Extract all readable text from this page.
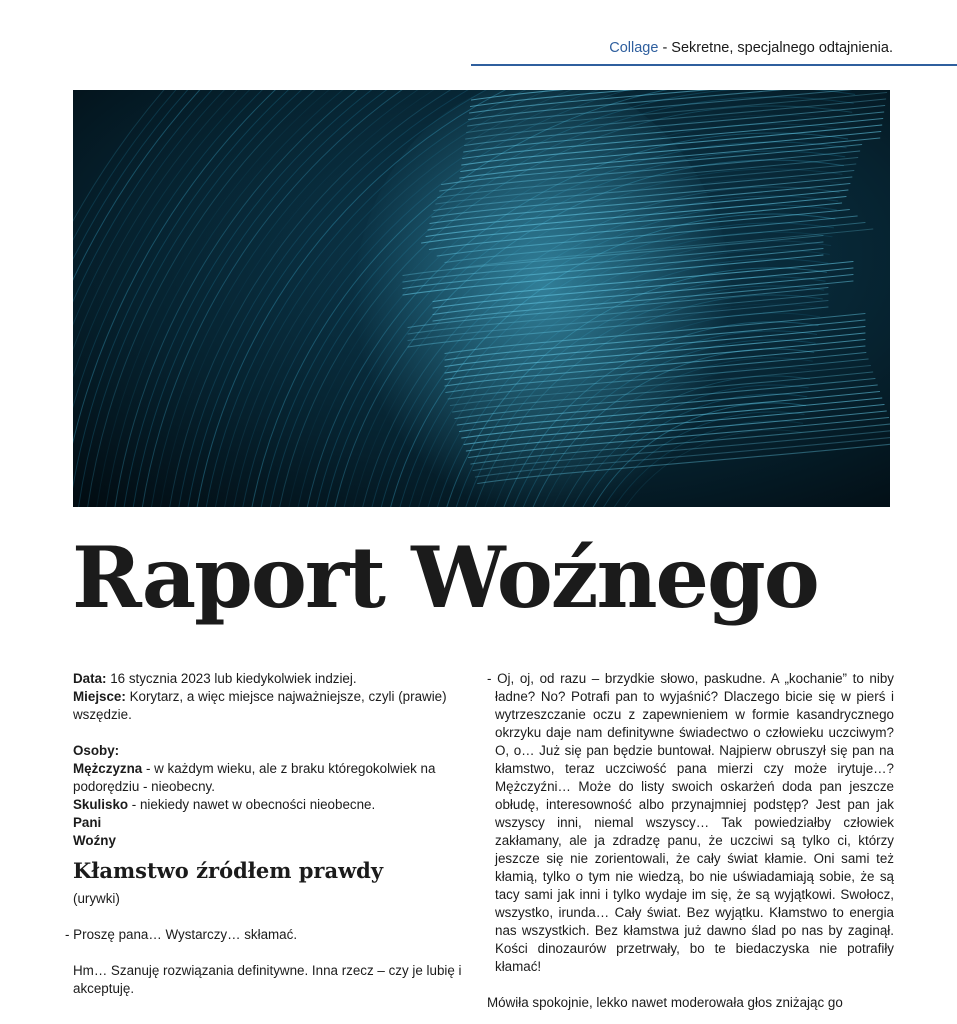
Collage - Sekretne, specjalnego odtajnienia.
Raport Woźnego

Data: 16 stycznia 2023 lub kiedykolwiek indziej.

Miejsce: Korytarz, a więc miejsce najważniejsze, czyli (prawie) wszędzie.

Osoby:

Mężczyzna - w każdym wieku, ale z braku któregokolwiek na podorędziu - nieobecny.

Skulisko - niekiedy nawet w obecności nieobecne.

Pani

Woźny

Kłamstwo źródłem prawdy

(urywki)

- Proszę pana… Wystarczy… skłamać.

Hm… Szanuję rozwiązania definitywne. Inna rzecz – czy je lubię i akceptuję.

- Oj, oj, od razu – brzydkie słowo, paskudne. A „kochanie” to niby ładne? No? Potrafi pan to wyjaśnić? Dlaczego bicie się w pierś i wytrzeszczanie oczu z zapewnieniem w formie kasandrycznego okrzyku daje nam definitywne świadectwo o człowieku uczciwym? O, o… Już się pan będzie buntował. Najpierw obruszył się pan na kłamstwo, teraz uczciwość pana mierzi czy może irytuje…? Mężczyźni… Może do listy swoich oskarżeń doda pan jeszcze obłudę, interesowność albo przynajmniej podstęp? Jest pan jak wszyscy inni, niemal wszyscy… Tak powiedziałby człowiek zakłamany, ale ja zdradzę panu, że uczciwi są tylko ci, którzy jeszcze się nie zorientowali, że cały świat kłamie. Oni sami też kłamią, tylko o tym nie wiedzą, bo nie uświadamiają sobie, że są tacy sami jak inni i tylko wydaje im się, że są wyjątkowi. Swołocz, wszystko, irunda… Cały świat. Bez wyjątku. Kłamstwo to energia nas wszystkich. Bez kłamstwa już dawno ślad po nas by zaginął. Kości dinozaurów przetrwały, bo te biedaczyska nie potrafiły kłamać!

Mówiła spokojnie, lekko nawet moderowała głos zniżając go
